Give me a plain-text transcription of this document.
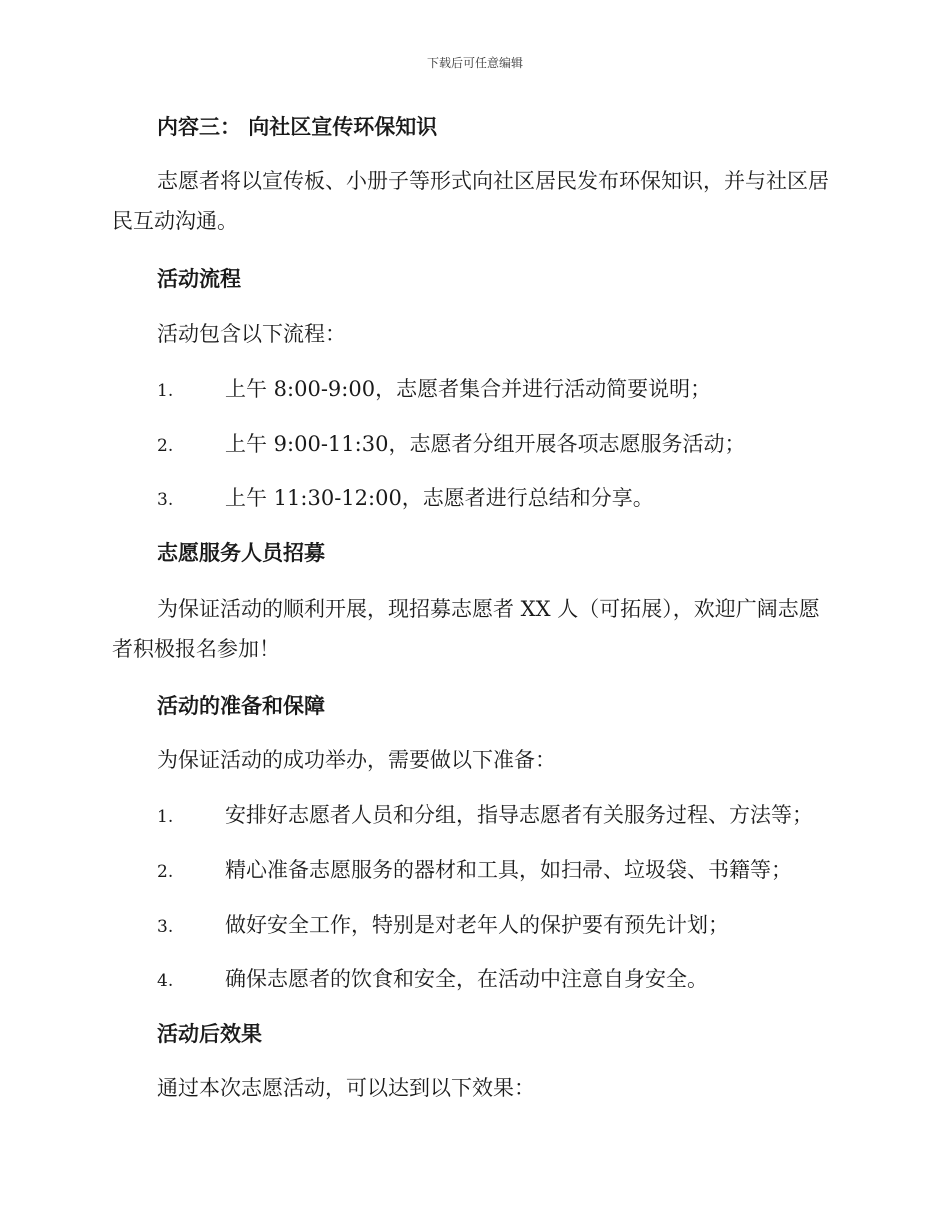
下载后可任意编辑
内容三： 向社区宣传环保知识
志愿者将以宣传板、小册子等形式向社区居民发布环保知识，并与社区居民互动沟通。
活动流程
活动包含以下流程：
1. 上午 8:00-9:00，志愿者集合并进行活动简要说明；
2. 上午 9:00-11:30，志愿者分组开展各项志愿服务活动；
3. 上午 11:30-12:00，志愿者进行总结和分享。
志愿服务人员招募
为保证活动的顺利开展，现招募志愿者 XX 人（可拓展），欢迎广阔志愿者积极报名参加！
活动的准备和保障
为保证活动的成功举办，需要做以下准备：
1. 安排好志愿者人员和分组，指导志愿者有关服务过程、方法等；
2. 精心准备志愿服务的器材和工具，如扫帚、垃圾袋、书籍等；
3. 做好安全工作，特别是对老年人的保护要有预先计划；
4. 确保志愿者的饮食和安全，在活动中注意自身安全。
活动后效果
通过本次志愿活动，可以达到以下效果：
